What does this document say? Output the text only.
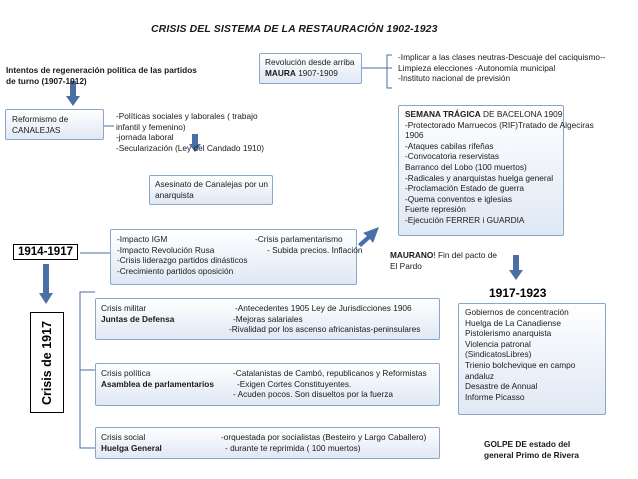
CRISIS DEL SISTEMA DE LA RESTAURACIÓN 1902-1923
Intentos de regeneración política de las partidos
de turno (1907-1912)
Revolución desde arriba
MAURA 1907-1909
-Implicar a las clases neutras-Descuaje del caciquismo--
Limpieza elecciones -Autonomía municipal
-Instituto nacional de previsión
Reformismo de
CANALEJAS
-Políticas sociales y laborales ( trabajo
infantil y femenino)
-jornada laboral
-Secularización (Ley del Candado 1910)
Asesinato de Canalejas por un
anarquista
SEMANA TRÁGICA DE BACELONA 1909
-Protectorado Marruecos (RIF)Tratado de Algeciras
1906
-Ataques cabilas rifeñas
-Convocatoria reservistas
Barranco del Lobo (100 muertos)
-Radicales y anarquistas huelga general
-Proclamación Estado de guerra
-Quema conventos e iglesias
Fuerte represión
-Ejecución FERRER i GUARDIA
MAURANO! Fin del pacto de
El Pardo
1914-1917
-Impacto IGM
-Impacto Revolución Rusa
-Crisis liderazgo partidos dinásticos
-Crecimiento partidos oposición
-Crisis parlamentarismo
- Subida precios. Inflación
Crisis de 1917
Crisis militar
Juntas de Defensa
-Antecedentes 1905 Ley de Jurisdicciones 1906
-Mejoras salariales
-Rivalidad por los ascenso africanistas-peninsulares
Crisis política
Asamblea de parlamentarios
-Catalanistas de Cambó, republicanos y Reformistas
-Exigen Cortes Constituyentes.
- Acuden pocos. Son disueltos por la fuerza
Crisis social
Huelga General
-orquestada por socialistas (Besteiro y Largo Caballero)
- durante te reprimida ( 100 muertos)
1917-1923
Gobiernos de concentración
Huelga de La Canadiense
Pistolerismo anarquista
Violencia patronal
(SindicatosLibres)
Trienio bolchevique en campo
andaluz
Desastre de Annual
Informe Picasso
GOLPE DE estado del
general Primo de Rivera
